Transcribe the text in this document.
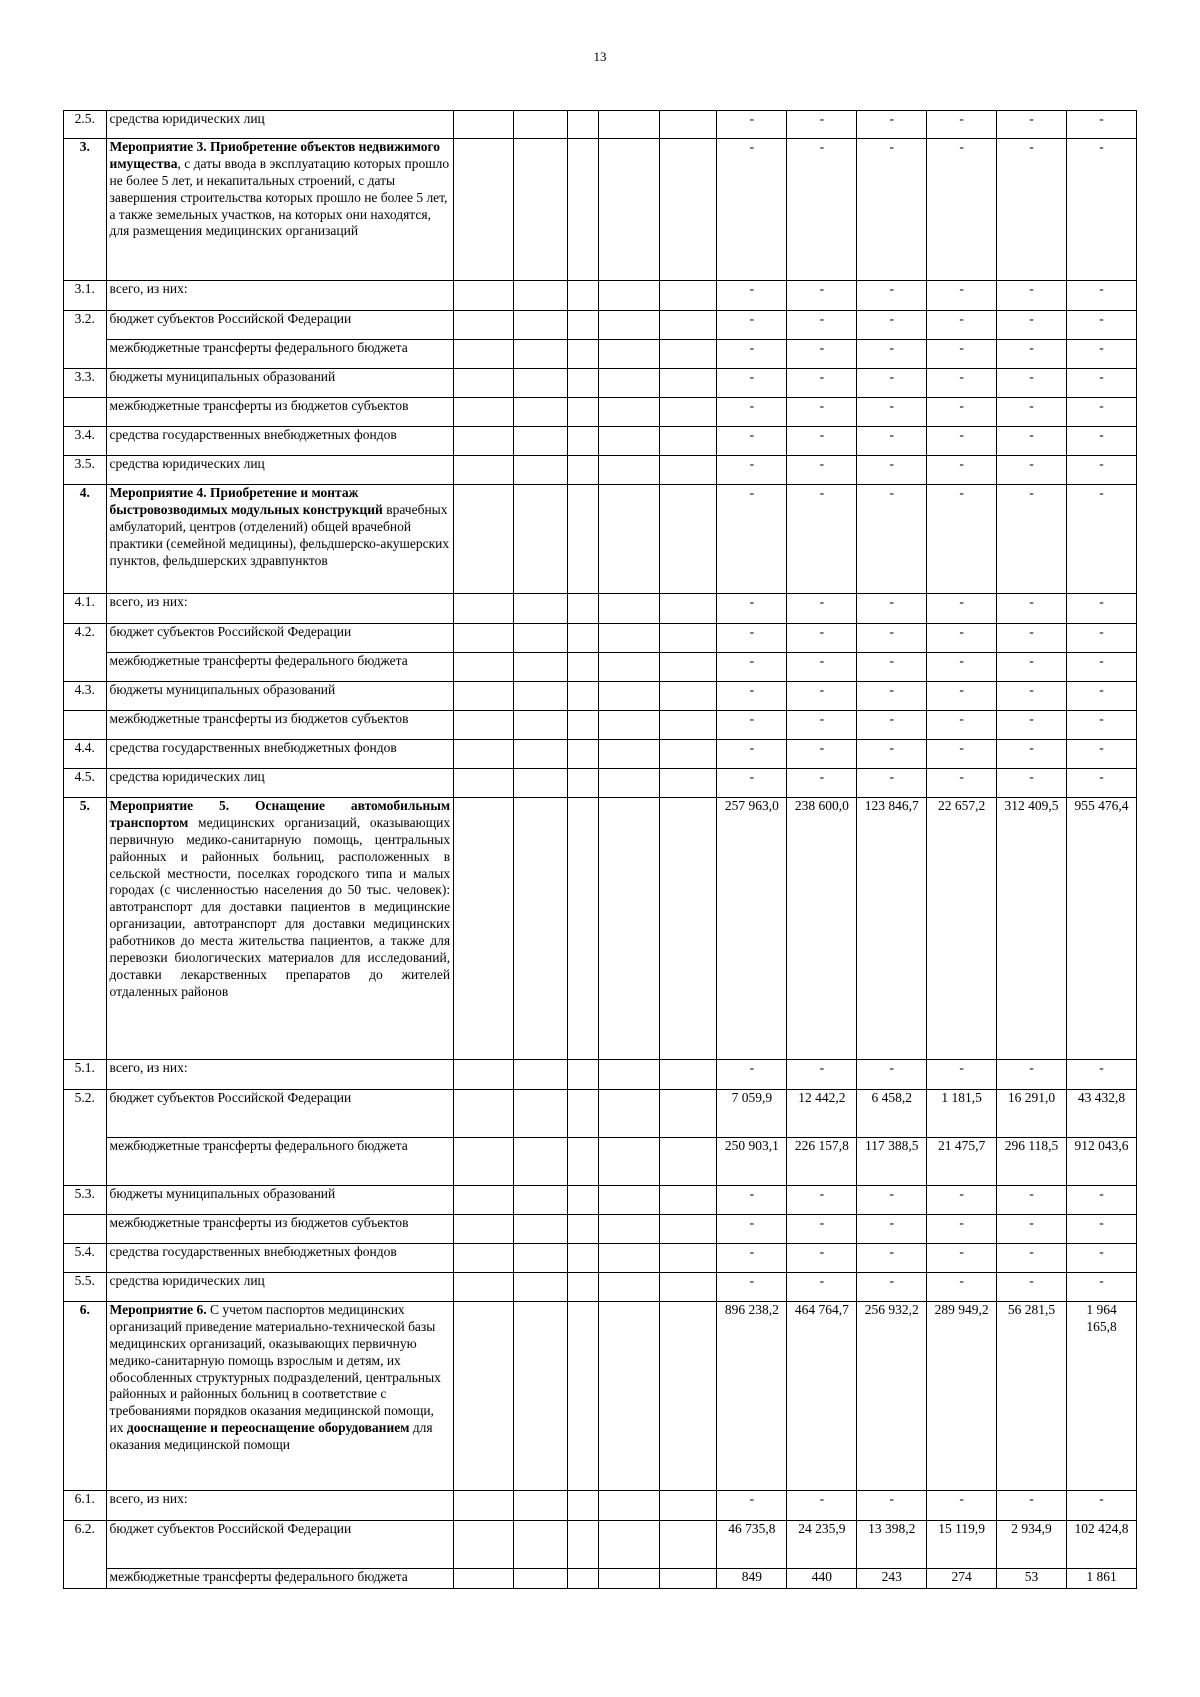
13
2.5.	средства юридических лиц						-	-	-	-	-	-
3.	Мероприятие 3. Приобретение объектов недвижимого имущества, с даты ввода в эксплуатацию которых прошло не более 5 лет, и некапитальных строений, с даты завершения строительства которых прошло не более 5 лет, а также земельных участков, на которых они находятся, для размещения медицинских организаций						-	-	-	-	-	-
3.1.	всего, из них:						-	-	-	-	-	-
3.2.	бюджет субъектов Российской Федерации						-	-	-	-	-	-
	межбюджетные трансферты федерального бюджета						-	-	-	-	-	-
3.3.	бюджеты муниципальных образований						-	-	-	-	-	-
	межбюджетные трансферты из бюджетов субъектов						-	-	-	-	-	-
3.4.	средства государственных внебюджетных фондов						-	-	-	-	-	-
3.5.	средства юридических лиц						-	-	-	-	-	-
4.	Мероприятие 4. Приобретение и монтаж быстровозводимых модульных конструкций врачебных амбулаторий, центров (отделений) общей врачебной практики (семейной медицины), фельдшерско-акушерских пунктов, фельдшерских здравпунктов						-	-	-	-	-	-
4.1.	всего, из них:						-	-	-	-	-	-
4.2.	бюджет субъектов Российской Федерации						-	-	-	-	-	-
	межбюджетные трансферты федерального бюджета						-	-	-	-	-	-
4.3.	бюджеты муниципальных образований						-	-	-	-	-	-
	межбюджетные трансферты из бюджетов субъектов						-	-	-	-	-	-
4.4.	средства государственных внебюджетных фондов						-	-	-	-	-	-
4.5.	средства юридических лиц						-	-	-	-	-	-
5.	Мероприятие 5. Оснащение автомобильным транспортом медицинских организаций, оказывающих первичную медико-санитарную помощь, центральных районных и районных больниц, расположенных в сельской местности, поселках городского типа и малых городах (с численностью населения до 50 тыс. человек): автотранспорт для доставки пациентов в медицинские организации, автотранспорт для доставки медицинских работников до места жительства пациентов, а также для перевозки биологических материалов для исследований, доставки лекарственных препаратов до жителей отдаленных районов						257 963,0	238 600,0	123 846,7	22 657,2	312 409,5	955 476,4
5.1.	всего, из них:						-	-	-	-	-	-
5.2.	бюджет субъектов Российской Федерации						7 059,9	12 442,2	6 458,2	1 181,5	16 291,0	43 432,8
	межбюджетные трансферты федерального бюджета						250 903,1	226 157,8	117 388,5	21 475,7	296 118,5	912 043,6
5.3.	бюджеты муниципальных образований						-	-	-	-	-	-
	межбюджетные трансферты из бюджетов субъектов						-	-	-	-	-	-
5.4.	средства государственных внебюджетных фондов						-	-	-	-	-	-
5.5.	средства юридических лиц						-	-	-	-	-	-
6.	Мероприятие 6. С учетом паспортов медицинских организаций приведение материально-технической базы медицинских организаций, оказывающих первичную медико-санитарную помощь взрослым и детям, их обособленных структурных подразделений, центральных районных и районных больниц в соответствие с требованиями порядков оказания медицинской помощи, их дооснащение и переоснащение оборудованием для оказания медицинской помощи						896 238,2	464 764,7	256 932,2	289 949,2	56 281,5	1 964 165,8
6.1.	всего, из них:						-	-	-	-	-	-
6.2.	бюджет субъектов Российской Федерации						46 735,8	24 235,9	13 398,2	15 119,9	2 934,9	102 424,8
	межбюджетные трансферты федерального бюджета						849	440	243	274	53	1 861
